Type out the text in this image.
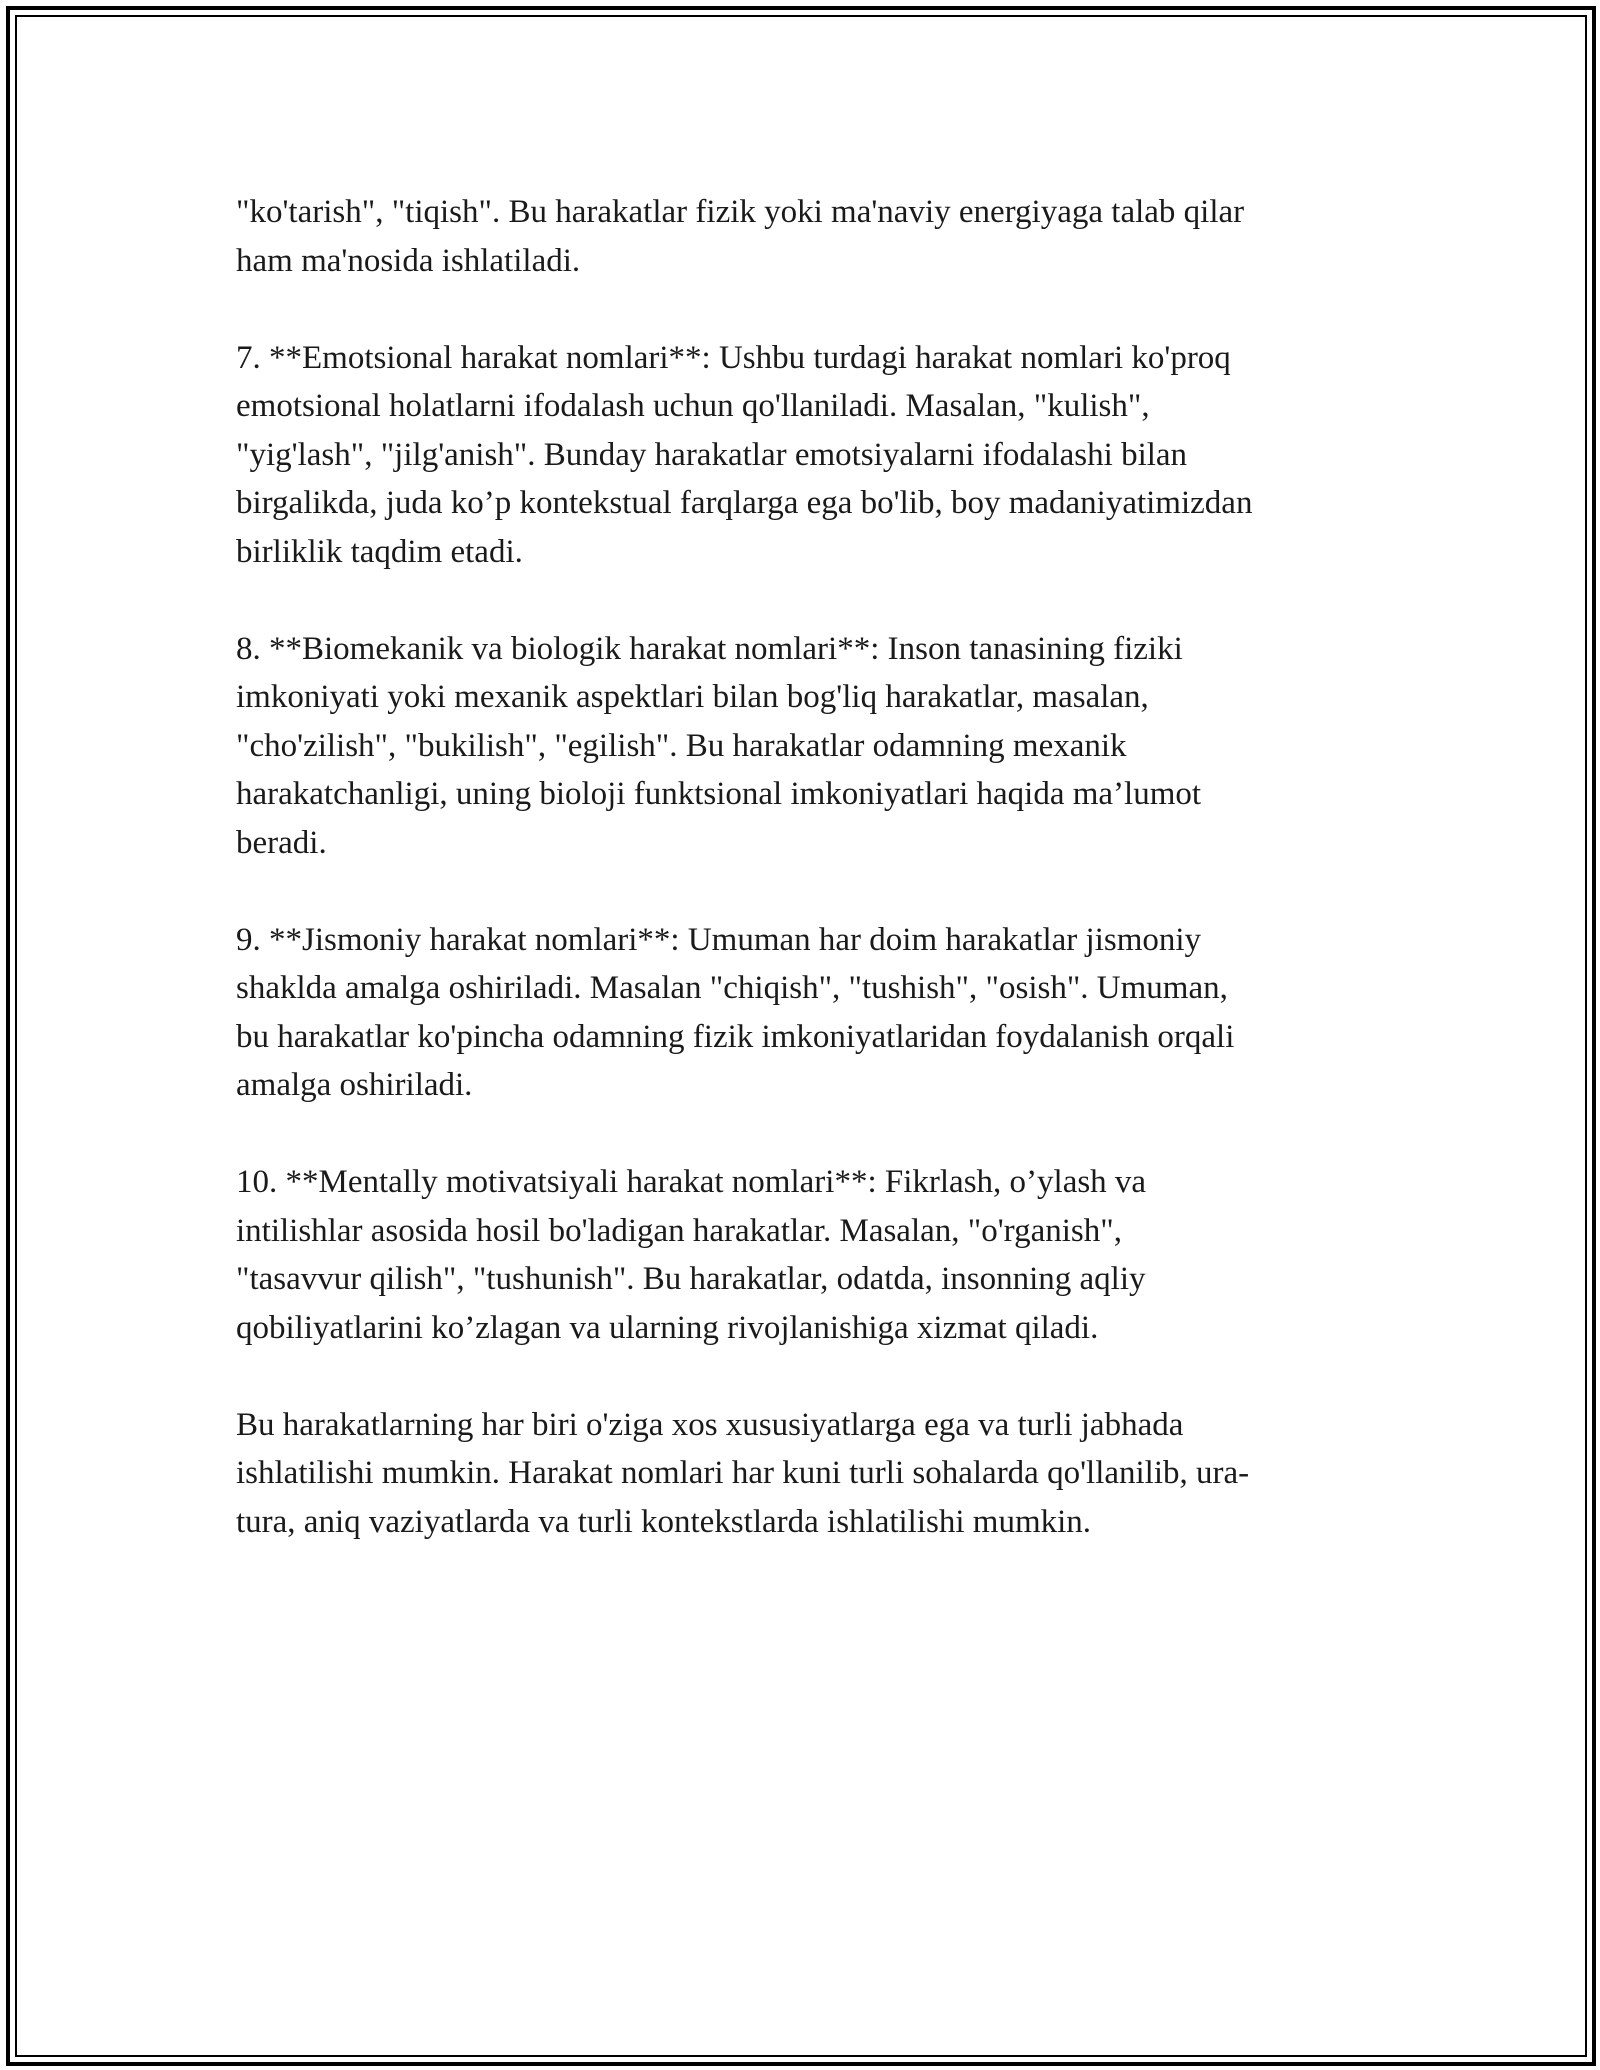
"ko'tarish", "tiqish". Bu harakatlar fizik yoki ma'naviy energiyaga talab qilar
ham ma'nosida ishlatiladi.

7. **Emotsional harakat nomlari**: Ushbu turdagi harakat nomlari ko'proq
emotsional holatlarni ifodalash uchun qo'llaniladi. Masalan, "kulish",
"yig'lash", "jilg'anish". Bunday harakatlar emotsiyalarni ifodalashi bilan
birgalikda, juda ko’p kontekstual farqlarga ega bo'lib, boy madaniyatimizdan
birliklik taqdim etadi.

8. **Biomekanik va biologik harakat nomlari**: Inson tanasining fiziki
imkoniyati yoki mexanik aspektlari bilan bog'liq harakatlar, masalan,
"cho'zilish", "bukilish", "egilish". Bu harakatlar odamning mexanik
harakatchanligi, uning bioloji funktsional imkoniyatlari haqida ma’lumot
beradi.

9. **Jismoniy harakat nomlari**: Umuman har doim harakatlar jismoniy
shaklda amalga oshiriladi. Masalan "chiqish", "tushish", "osish". Umuman,
bu harakatlar ko'pincha odamning fizik imkoniyatlaridan foydalanish orqali
amalga oshiriladi.

10. **Mentally motivatsiyali harakat nomlari**: Fikrlash, o’ylash va
intilishlar asosida hosil bo'ladigan harakatlar. Masalan, "o'rganish",
"tasavvur qilish", "tushunish". Bu harakatlar, odatda, insonning aqliy
qobiliyatlarini ko’zlagan va ularning rivojlanishiga xizmat qiladi.

Bu harakatlarning har biri o'ziga xos xususiyatlarga ega va turli jabhada
ishlatilishi mumkin. Harakat nomlari har kuni turli sohalarda qo'llanilib, ura-
tura, aniq vaziyatlarda va turli kontekstlarda ishlatilishi mumkin.
